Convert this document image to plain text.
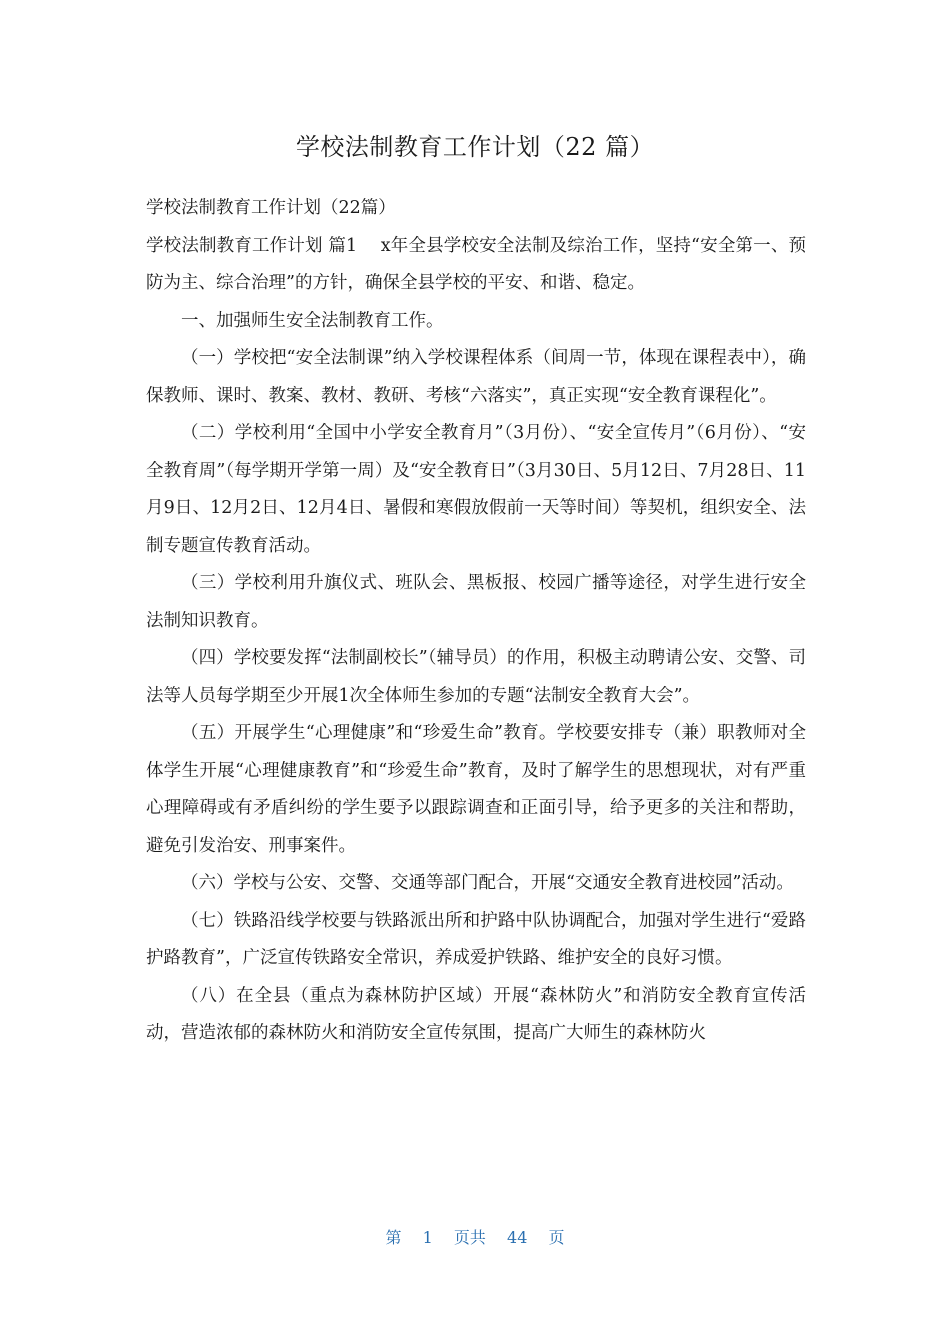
学校法制教育工作计划（22 篇）

学校法制教育工作计划（22篇）

学校法制教育工作计划 篇1　 x年全县学校安全法制及综治工作，坚持“安全第一、预防为主、综合治理”的方针，确保全县学校的平安、和谐、稳定。

一、加强师生安全法制教育工作。

（一）学校把“安全法制课”纳入学校课程体系（间周一节，体现在课程表中），确保教师、课时、教案、教材、教研、考核“六落实”，真正实现“安全教育课程化”。

（二）学校利用“全国中小学安全教育月”（3月份）、“安全宣传月”（6月份）、“安全教育周”（每学期开学第一周）及“安全教育日”（3月30日、5月12日、7月28日、11月9日、12月2日、12月4日、暑假和寒假放假前一天等时间）等契机，组织安全、法制专题宣传教育活动。

（三）学校利用升旗仪式、班队会、黑板报、校园广播等途径，对学生进行安全法制知识教育。

（四）学校要发挥“法制副校长”（辅导员）的作用，积极主动聘请公安、交警、司法等人员每学期至少开展1次全体师生参加的专题“法制安全教育大会”。

（五）开展学生“心理健康”和“珍爱生命”教育。学校要安排专（兼）职教师对全体学生开展“心理健康教育”和“珍爱生命”教育，及时了解学生的思想现状，对有严重心理障碍或有矛盾纠纷的学生要予以跟踪调查和正面引导，给予更多的关注和帮助，避免引发治安、刑事案件。

（六）学校与公安、交警、交通等部门配合，开展“交通安全教育进校园”活动。

（七）铁路沿线学校要与铁路派出所和护路中队协调配合，加强对学生进行“爱路护路教育”，广泛宣传铁路安全常识，养成爱护铁路、维护安全的良好习惯。

（八）在全县（重点为森林防护区域）开展“森林防火”和消防安全教育宣传活动，营造浓郁的森林防火和消防安全宣传氛围，提高广大师生的森林防火

第 1 页共 44 页
